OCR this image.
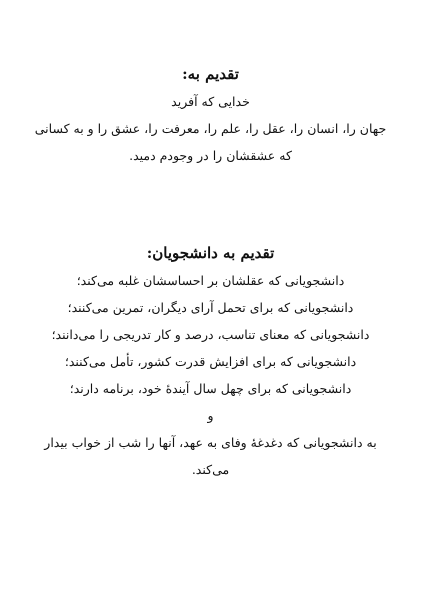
تقدیم به:
خدایی که آفرید
جهان را، انسان را، عقل را، علم را، معرفت را، عشق را و به کسانی
که عشقشان را در وجودم دمید.
تقدیم به دانشجویان:
دانشجویانی که عقلشان بر احساسشان غلبه می‌کند؛
دانشجویانی که برای تحمل آرای دیگران، تمرین می‌کنند؛
دانشجویانی که معنای تناسب، درصد و کار تدریجی را می‌دانند؛
دانشجویانی که برای افزایش قدرت کشور، تأمل می‌کنند؛
دانشجویانی که برای چهل سال آیندهٔ خود، برنامه دارند؛
و
به دانشجویانی که دغدغهٔ وفای به عهد، آنها را شب از خواب بیدار
می‌کند.
